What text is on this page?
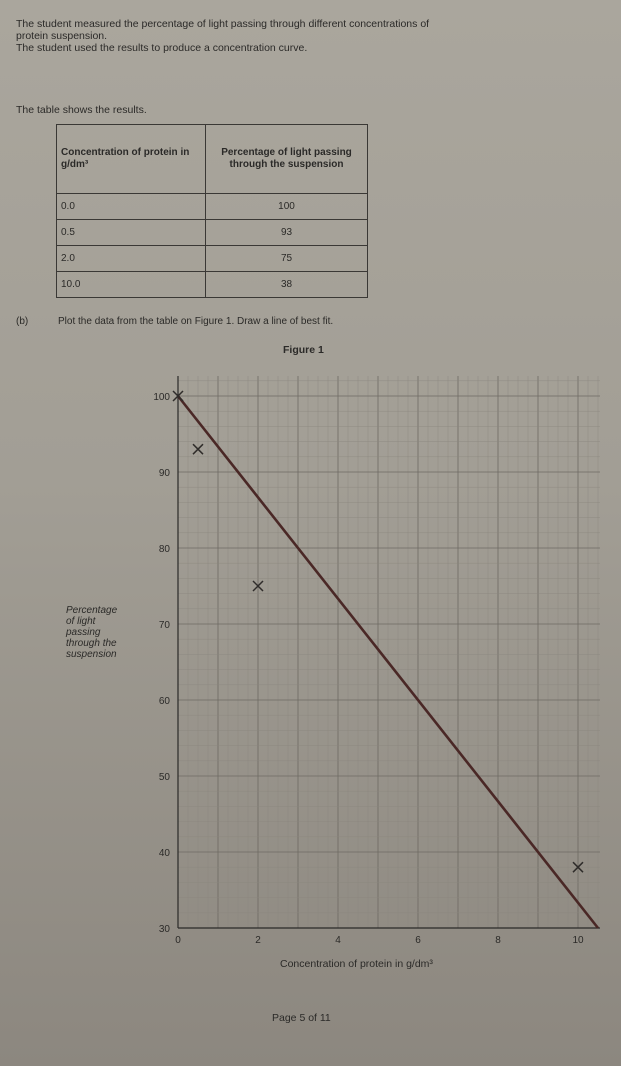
The student measured the percentage of light passing through different concentrations of

protein suspension.

The student used the results to produce a concentration curve.

The table shows the results.
Concentration of protein in g/dm³	Percentage of light passing through the suspension
0.0	100
0.5	93
2.0	75
10.0	38
(b)	Plot the data from the table on Figure 1. Draw a line of best fit.
Figure 1
Percentage
of light
passing
through the
suspension
30
40
50
60
70
80
90
100
0	2	4	6	8	10
Concentration of protein in g/dm³
Page 5 of 11
